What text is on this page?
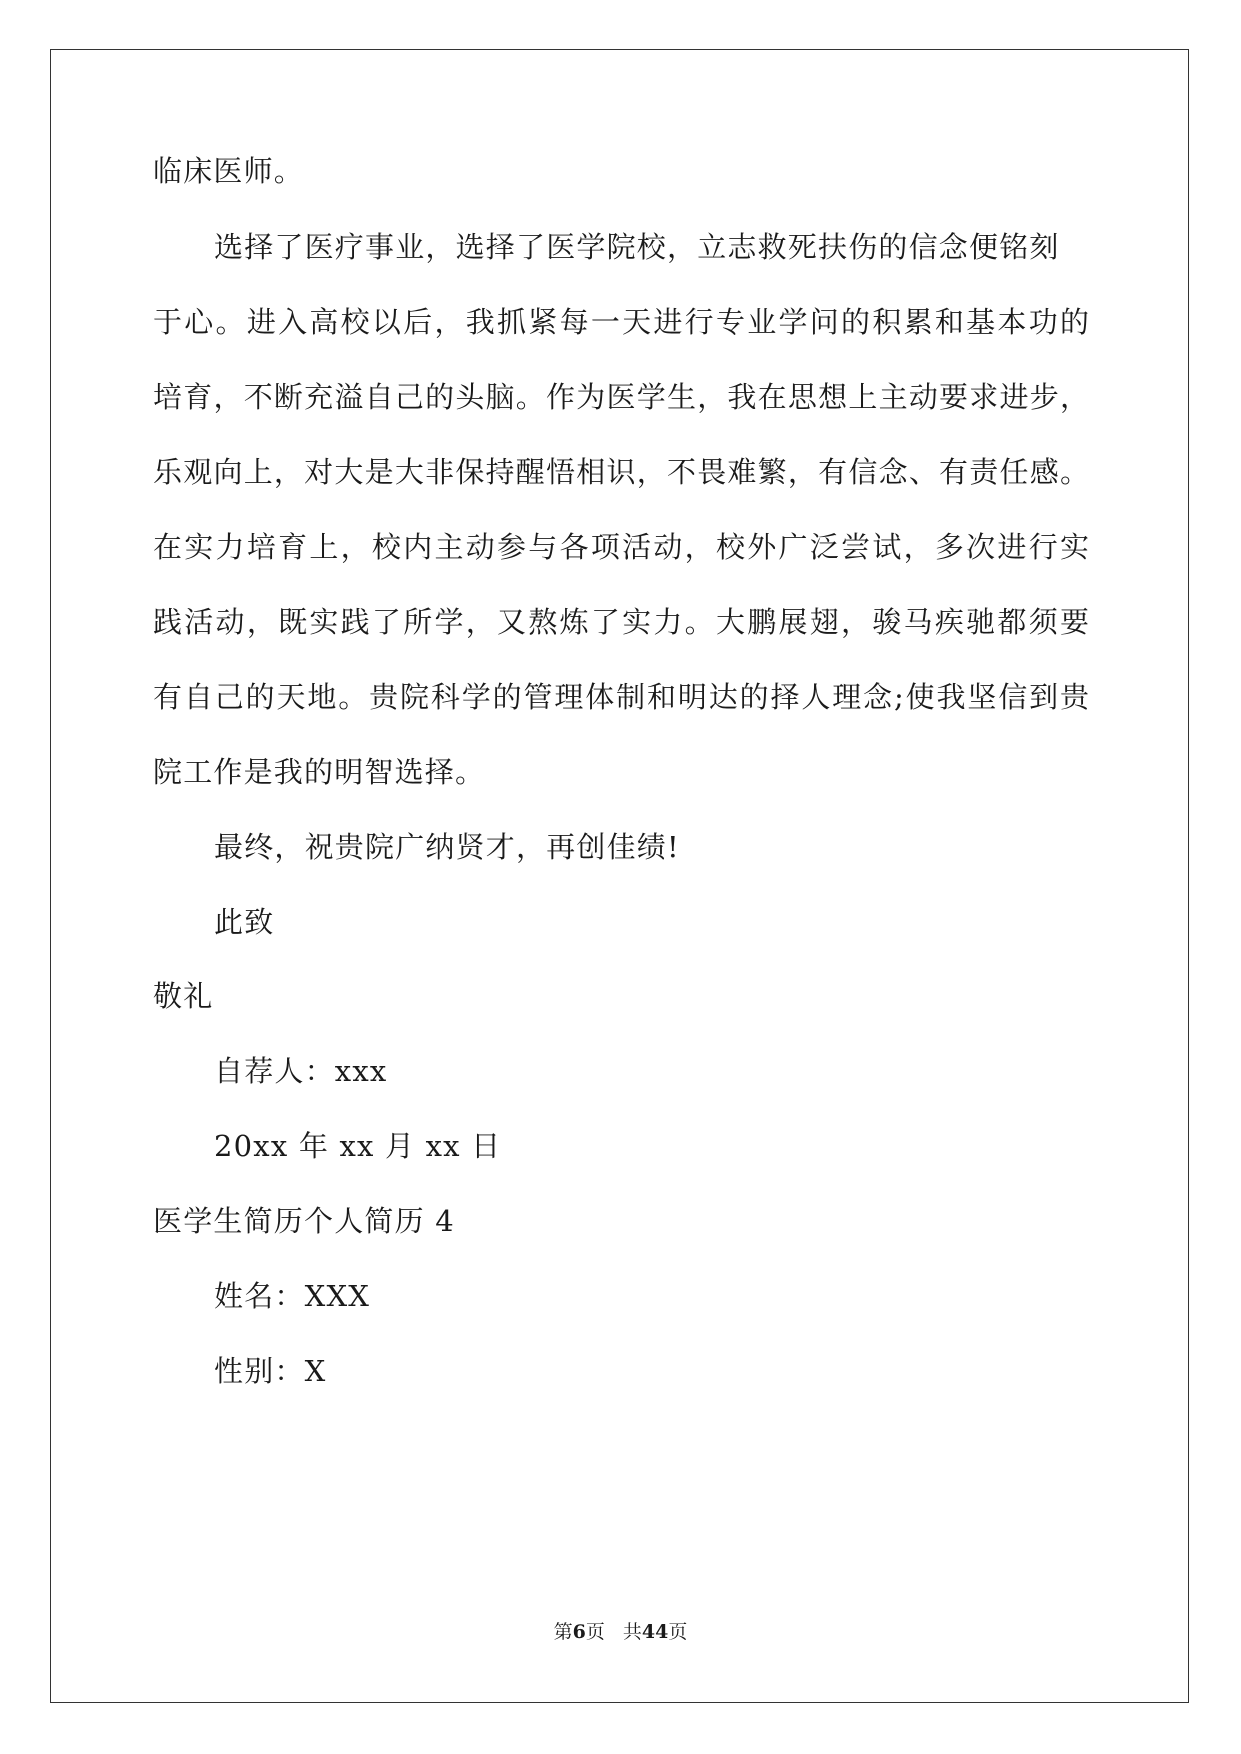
临床医师。
选择了医疗事业，选择了医学院校，立志救死扶伤的信念便铭刻
于心。进入高校以后，我抓紧每一天进行专业学问的积累和基本功的
培育，不断充溢自己的头脑。作为医学生，我在思想上主动要求进步，
乐观向上，对大是大非保持醒悟相识，不畏难繁，有信念、有责任感。
在实力培育上，校内主动参与各项活动，校外广泛尝试，多次进行实
践活动，既实践了所学，又熬炼了实力。大鹏展翅，骏马疾驰都须要
有自己的天地。贵院科学的管理体制和明达的择人理念;使我坚信到贵
院工作是我的明智选择。
最终，祝贵院广纳贤才，再创佳绩!
此致
敬礼
自荐人：xxx
20xx 年 xx 月 xx 日
医学生简历个人简历 4
姓名：XXX
性别：X
第6页 共44页
